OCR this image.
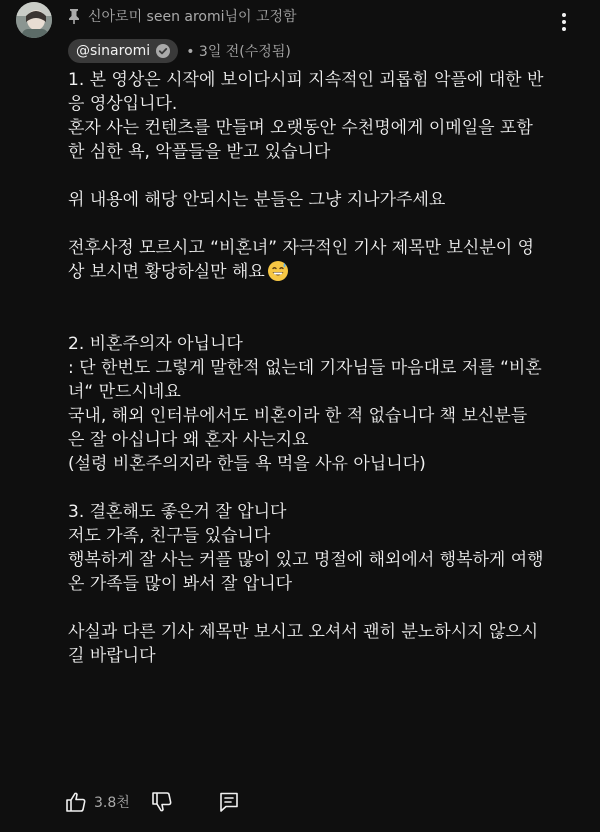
신아로미 seen aromi님이 고정함
@sinaromi	• 3일 전(수정됨)

1. 본 영상은 시작에 보이다시피 지속적인 괴롭힘 악플에 대한 반

응 영상입니다.

혼자 사는 컨텐츠를 만들며 오랫동안 수천명에게 이메일을 포함

한 심한 욕, 악플들을 받고 있습니다

위 내용에 해당 안되시는 분들은 그냥 지나가주세요

전후사정 모르시고 “비혼녀” 자극적인 기사 제목만 보신분이 영

상 보시면 황당하실만 해요

2. 비혼주의자 아닙니다

: 단 한번도 그렇게 말한적 없는데 기자님들 마음대로 저를 “비혼

녀“ 만드시네요

국내, 해외 인터뷰에서도 비혼이라 한 적 없습니다 책 보신분들

은 잘 아십니다 왜 혼자 사는지요

(설령 비혼주의지라 한들 욕 먹을 사유 아닙니다)

3. 결혼해도 좋은거 잘 압니다

저도 가족, 친구들 있습니다

행복하게 잘 사는 커플 많이 있고 명절에 해외에서 행복하게 여행

온 가족들 많이 봐서 잘 압니다

사실과 다른 기사 제목만 보시고 오셔서 괜히 분노하시지 않으시

길 바랍니다

3.8천
